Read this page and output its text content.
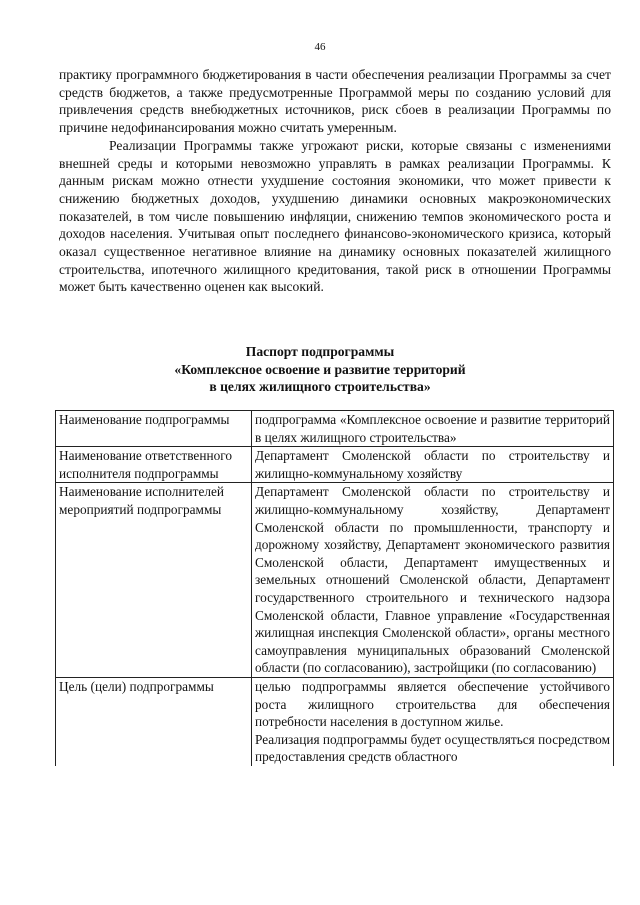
46

практику программного бюджетирования в части обеспечения реализации Программы за счет средств бюджетов, а также предусмотренные Программой меры по созданию условий для привлечения средств внебюджетных источников, риск сбоев в реализации Программы по причине недофинансирования можно считать умеренным.

Реализации Программы также угрожают риски, которые связаны с изменениями внешней среды и которыми невозможно управлять в рамках реализации Программы. К данным рискам можно отнести ухудшение состояния экономики, что может привести к снижению бюджетных доходов, ухудшению динамики основных макроэкономических показателей, в том числе повышению инфляции, снижению темпов экономического роста и доходов населения. Учитывая опыт последнего финансово-экономического кризиса, который оказал существенное негативное влияние на динамику основных показателей жилищного строительства, ипотечного жилищного кредитования, такой риск в отношении Программы может быть качественно оценен как высокий.

Паспорт подпрограммы
«Комплексное освоение и развитие территорий
в целях жилищного строительства»
Наименование подпрограммы	подпрограмма «Комплексное освоение и развитие территорий в целях жилищного строительства»
Наименование ответственного исполнителя подпрограммы	Департамент Смоленской области по строительству и жилищно-коммунальному хозяйству
Наименование исполнителей мероприятий подпрограммы	Департамент Смоленской области по строительству и жилищно-коммунальному хозяйству, Департамент Смоленской области по промышленности, транспорту и дорожному хозяйству, Департамент экономического развития Смоленской области, Департамент имущественных и земельных отношений Смоленской области, Департамент государственного строительного и технического надзора Смоленской области, Главное управление «Государственная жилищная инспекция Смоленской области», органы местного самоуправления муниципальных образований Смоленской области (по согласованию), застройщики (по согласованию)
Цель (цели) подпрограммы	целью подпрограммы является обеспечение устойчивого роста жилищного строительства для обеспечения потребности населения в доступном жилье.

Реализация подпрограммы будет осуществляться посредством предоставления средств областного
